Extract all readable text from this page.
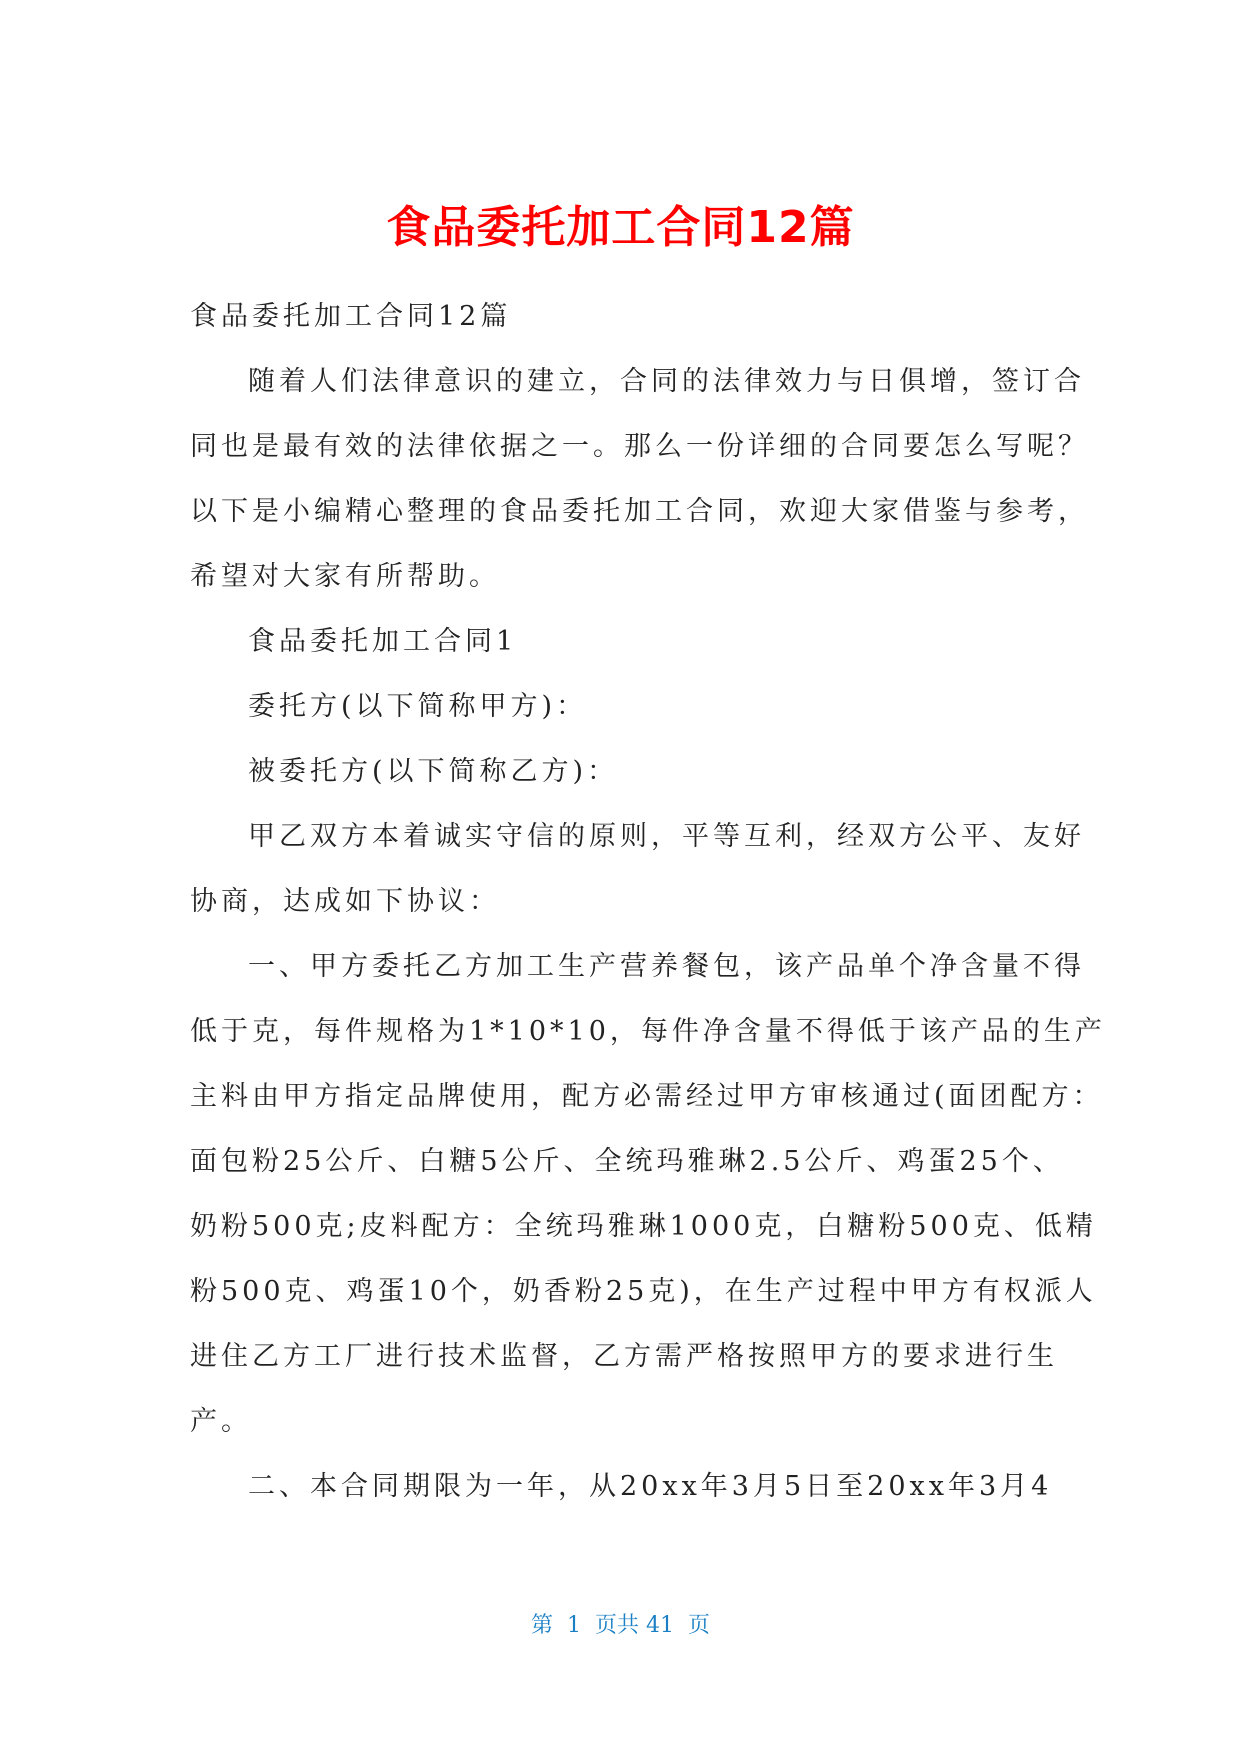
食品委托加工合同12篇
食品委托加工合同12篇
随着人们法律意识的建立，合同的法律效力与日俱增，签订合
同也是最有效的法律依据之一。那么一份详细的合同要怎么写呢？
以下是小编精心整理的食品委托加工合同，欢迎大家借鉴与参考，
希望对大家有所帮助。
食品委托加工合同1
委托方(以下简称甲方)：
被委托方(以下简称乙方)：
甲乙双方本着诚实守信的原则，平等互利，经双方公平、友好
协商，达成如下协议：
一、甲方委托乙方加工生产营养餐包，该产品单个净含量不得
低于克，每件规格为1*10*10，每件净含量不得低于该产品的生产
主料由甲方指定品牌使用，配方必需经过甲方审核通过(面团配方：
面包粉25公斤、白糖5公斤、全统玛雅琳2.5公斤、鸡蛋25个、
奶粉500克;皮料配方：全统玛雅琳1000克，白糖粉500克、低精
粉500克、鸡蛋10个，奶香粉25克)，在生产过程中甲方有权派人
进住乙方工厂进行技术监督，乙方需严格按照甲方的要求进行生
产。
二、本合同期限为一年，从20xx年3月5日至20xx年3月4
第  1  页共 41  页
